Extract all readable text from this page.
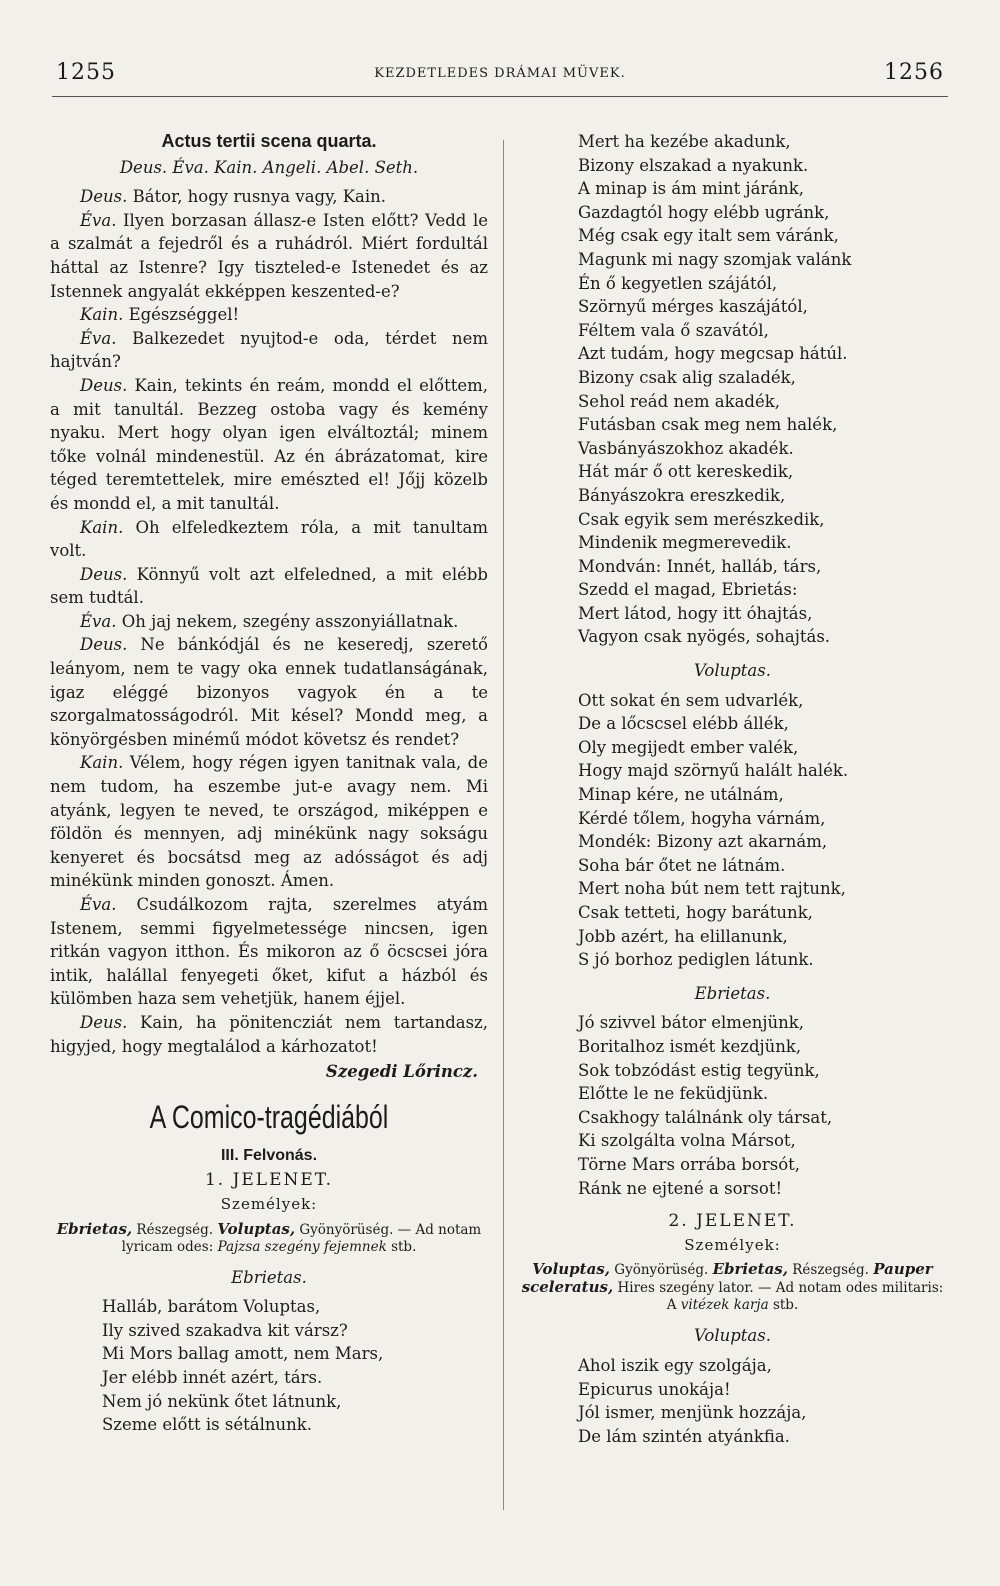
1255	KEZDETLEDES DRÁMAI MÜVEK.	1256
Actus tertii scena quarta.
Deus. Éva. Kain. Angeli. Abel. Seth.

Deus. Bátor, hogy rusnya vagy, Kain.

Éva. Ilyen borzasan állasz-e Isten előtt? Vedd le a szalmát a fejedről és a ruhádról. Miért fordultál háttal az Istenre? Igy tiszteled-e Istenedet és az Istennek angyalát ekképpen keszented-e?

Kain. Egészséggel!

Éva. Balkezedet nyujtod-e oda, térdet nem hajtván?

Deus. Kain, tekints én reám, mondd el előttem, a mit tanultál. Bezzeg ostoba vagy és kemény nyaku. Mert hogy olyan igen elváltoztál; minem tőke volnál mindenestül. Az én ábrázatomat, kire téged teremtettelek, mire emészted el! Jőjj közelb és mondd el, a mit tanultál.

Kain. Oh elfeledkeztem róla, a mit tanultam volt.

Deus. Könnyű volt azt elfeledned, a mit elébb sem tudtál.

Éva. Oh jaj nekem, szegény asszonyiállatnak.

Deus. Ne bánkódjál és ne keseredj, szerető leányom, nem te vagy oka ennek tudatlanságának, igaz eléggé bizonyos vagyok én a te szorgalmatosságodról. Mit késel? Mondd meg, a könyörgésben minémű módot követsz és rendet?

Kain. Vélem, hogy régen igyen tanitnak vala, de nem tudom, ha eszembe jut-e avagy nem. Mi atyánk, legyen te neved, te országod, miképpen e földön és mennyen, adj minékünk nagy sokságu kenyeret és bocsátsd meg az adósságot és adj minékünk minden gonoszt. Ámen.

Éva. Csudálkozom rajta, szerelmes atyám Istenem, semmi figyelmetessége nincsen, igen ritkán vagyon itthon. És mikoron az ő öcscsei jóra intik, halállal fenyegeti őket, kifut a házból és külömben haza sem vehetjük, hanem éjjel.

Deus. Kain, ha pönitencziát nem tartandasz, higyjed, hogy megtalálod a kárhozatot!

Szegedi Lőrincz.
A Comico-tragédiából
III. Felvonás.
1. JELENET.
Személyek:
Ebrietas, Részegség. Voluptas, Gyönyörüség. — Ad notam lyricam odes: Pajzsa szegény fejemnek stb.
Ebrietas.
Halláb, barátom Voluptas,
Ily szived szakadva kit vársz?
Mi Mors ballag amott, nem Mars,
Jer elébb innét azért, társ.
Nem jó nekünk őtet látnunk,
Szeme előtt is sétálnunk.
Mert ha kezébe akadunk,
Bizony elszakad a nyakunk.
A minap is ám mint járánk,
Gazdagtól hogy elébb ugránk,
Még csak egy italt sem váránk,
Magunk mi nagy szomjak valánk
Én ő kegyetlen szájától,
Szörnyű mérges kaszájától,
Féltem vala ő szavától,
Azt tudám, hogy megcsap hátúl.
Bizony csak alig szaladék,
Sehol reád nem akadék,
Futásban csak meg nem halék,
Vasbányászokhoz akadék.
Hát már ő ott kereskedik,
Bányászokra ereszkedik,
Csak egyik sem merészkedik,
Mindenik megmerevedik.
Mondván: Innét, halláb, társ,
Szedd el magad, Ebrietás:
Mert látod, hogy itt óhajtás,
Vagyon csak nyögés, sohajtás.
Voluptas.
Ott sokat én sem udvarlék,
De a lőcscsel elébb állék,
Oly megijedt ember valék,
Hogy majd szörnyű halált halék.
Minap kére, ne utálnám,
Kérdé tőlem, hogyha várnám,
Mondék: Bizony azt akarnám,
Soha bár őtet ne látnám.
Mert noha bút nem tett rajtunk,
Csak tetteti, hogy barátunk,
Jobb azért, ha elillanunk,
S jó borhoz pediglen látunk.
Ebrietas.
Jó szivvel bátor elmenjünk,
Boritalhoz ismét kezdjünk,
Sok tobzódást estig tegyünk,
Előtte le ne feküdjünk.
Csakhogy találnánk oly társat,
Ki szolgálta volna Mársot,
Törne Mars orrába borsót,
Ránk ne ejtené a sorsot!
2. JELENET.
Személyek:
Voluptas, Gyönyörüség. Ebrietas, Részegség. Pauper sceleratus, Hires szegény lator. — Ad notam odes militaris: A vitézek karja stb.
Voluptas.
Ahol iszik egy szolgája,
Epicurus unokája!
Jól ismer, menjünk hozzája,
De lám szintén atyánkfia.
